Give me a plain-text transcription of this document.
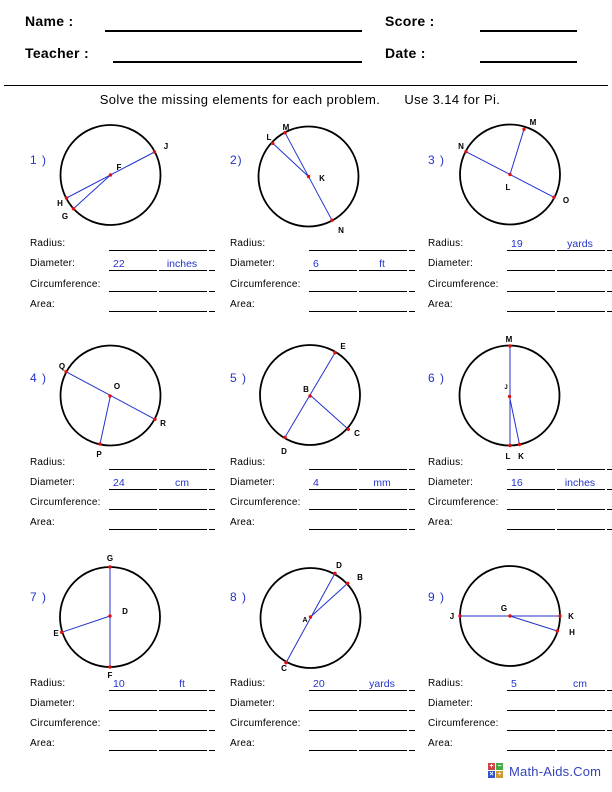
Name :	Score :
Teacher :	Date :
Solve the missing elements for each problem. Use 3.14 for Pi.
F
J
H
G
K
M
L
N
L
M
N
O
O
Q
R
P
B
E
D
C
J
M
L K
D
G
F
E
A
D
B
C
G
J	K
H
1 )
Radius:
Diameter:	22	inches
Circumference:
Area:
2)
Radius:
Diameter:	6	ft
Circumference:
Area:
3 )
Radius:	19	yards
Diameter:
Circumference:
Area:
4 )
Radius:
Diameter:	24	cm
Circumference:
Area:
5 )
Radius:
Diameter:	4	mm
Circumference:
Area:
6 )
Radius:
Diameter:	16	inches
Circumference:
Area:
7 )
Radius:	10	ft
Diameter:
Circumference:
Area:
8 )
Radius:	20	yards
Diameter:
Circumference:
Area:
9 )
Radius:	5	cm
Diameter:
Circumference:
Area:
+ −
× ÷ Math-Aids.Com
